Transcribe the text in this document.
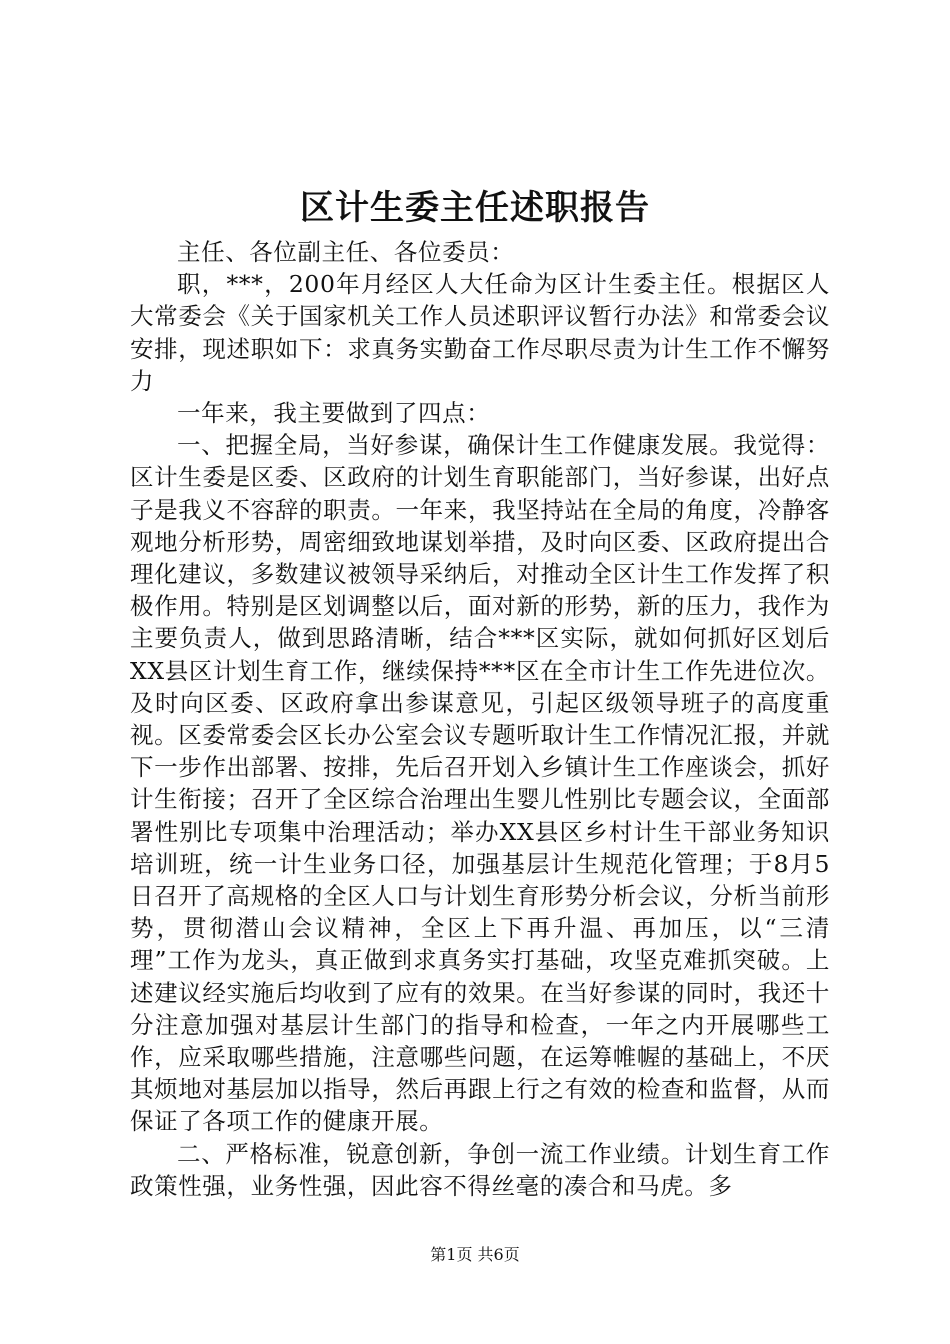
区计生委主任述职报告

主任、各位副主任、各位委员：

职，***，200年月经区人大任命为区计生委主任。根据区人大常委会《关于国家机关工作人员述职评议暂行办法》和常委会议安排，现述职如下：求真务实勤奋工作尽职尽责为计生工作不懈努力

一年来，我主要做到了四点：

一、把握全局，当好参谋，确保计生工作健康发展。我觉得：区计生委是区委、区政府的计划生育职能部门，当好参谋，出好点子是我义不容辞的职责。一年来，我坚持站在全局的角度，冷静客观地分析形势，周密细致地谋划举措，及时向区委、区政府提出合理化建议，多数建议被领导采纳后，对推动全区计生工作发挥了积极作用。特别是区划调整以后，面对新的形势，新的压力，我作为主要负责人，做到思路清晰，结合***区实际，就如何抓好区划后XX县区计划生育工作，继续保持***区在全市计生工作先进位次。及时向区委、区政府拿出参谋意见，引起区级领导班子的高度重视。区委常委会区长办公室会议专题听取计生工作情况汇报，并就下一步作出部署、按排，先后召开划入乡镇计生工作座谈会，抓好计生衔接；召开了全区综合治理出生婴儿性别比专题会议，全面部署性别比专项集中治理活动；举办XX县区乡村计生干部业务知识培训班，统一计生业务口径，加强基层计生规范化管理；于8月5日召开了高规格的全区人口与计划生育形势分析会议，分析当前形势，贯彻潜山会议精神，全区上下再升温、再加压，以“三清理”工作为龙头，真正做到求真务实打基础，攻坚克难抓突破。上述建议经实施后均收到了应有的效果。在当好参谋的同时，我还十分注意加强对基层计生部门的指导和检查，一年之内开展哪些工作，应采取哪些措施，注意哪些问题，在运筹帷幄的基础上，不厌其烦地对基层加以指导，然后再跟上行之有效的检查和监督，从而保证了各项工作的健康开展。

二、严格标准，锐意创新，争创一流工作业绩。计划生育工作政策性强，业务性强，因此容不得丝毫的凑合和马虎。多

第1页 共6页
